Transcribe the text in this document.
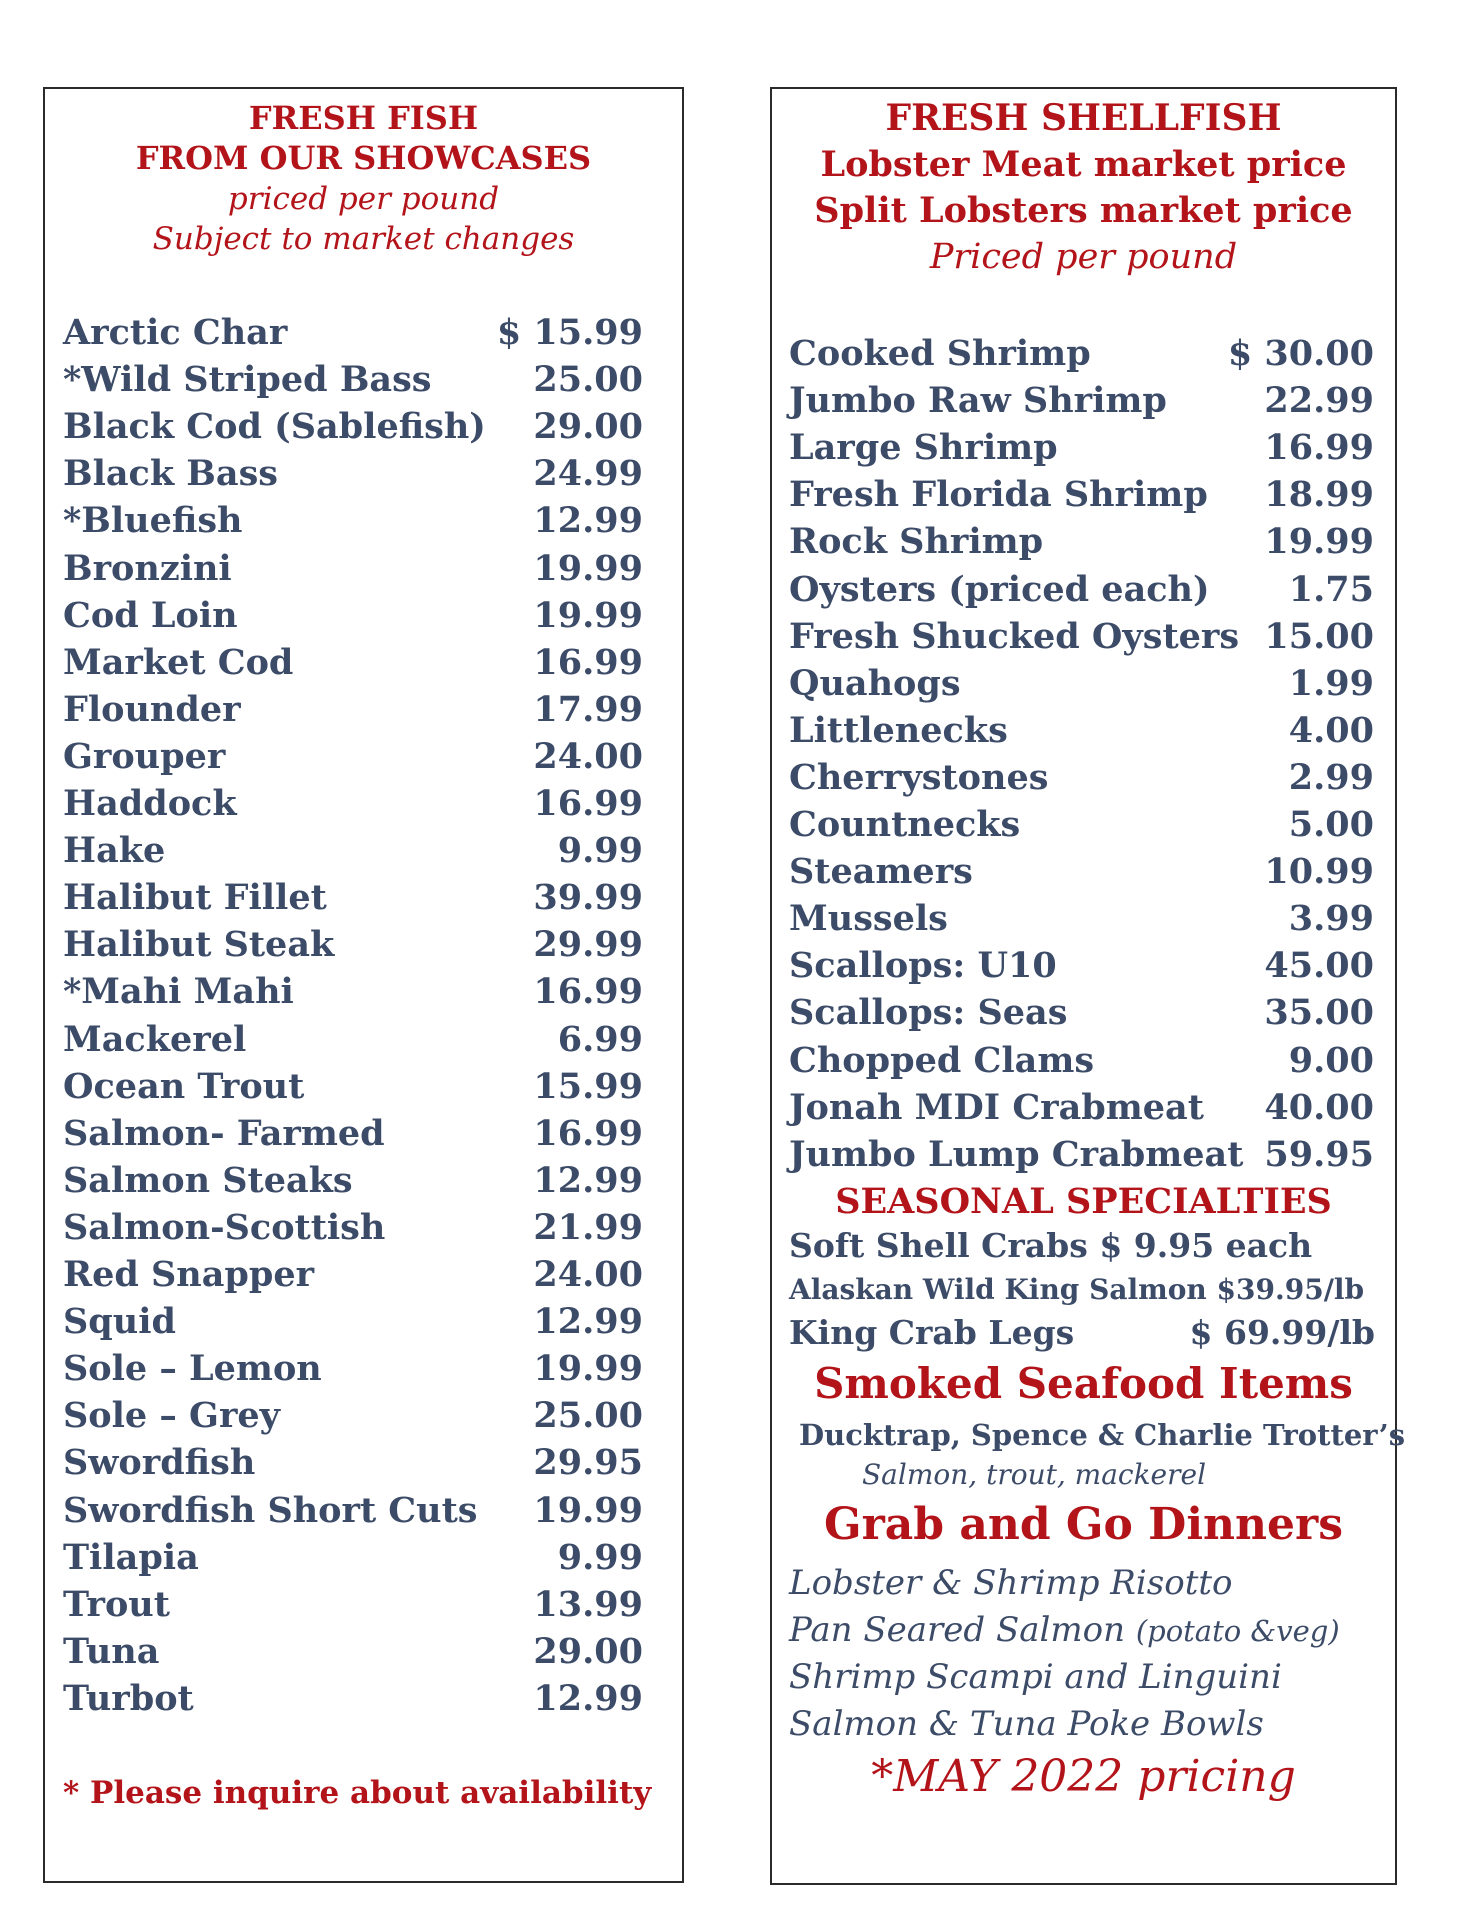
FRESH FISH
FROM OUR SHOWCASES
priced per pound
Subject to market changes
Arctic Char	$ 15.99
*Wild Striped Bass	25.00
Black Cod (Sablefish) 29.00
Black Bass	24.99
*Bluefish	12.99
Bronzini	19.99
Cod Loin	19.99
Market Cod	16.99
Flounder	17.99
Grouper	24.00
Haddock	16.99
Hake	9.99
Halibut Fillet	39.99
Halibut Steak	29.99
*Mahi Mahi	16.99
Mackerel	6.99
Ocean Trout	15.99
Salmon- Farmed	16.99
Salmon Steaks	12.99
Salmon-Scottish	21.99
Red Snapper	24.00
Squid	12.99
Sole – Lemon	19.99
Sole – Grey	25.00
Swordfish	29.95
Swordfish Short Cuts 19.99
Tilapia	9.99
Trout	13.99
Tuna	29.00
Turbot	12.99
* Please inquire about availability
FRESH SHELLFISH
Lobster Meat market price
Split Lobsters market price
Priced per pound
Cooked Shrimp	$ 30.00
Jumbo Raw Shrimp	22.99
Large Shrimp	16.99
Fresh Florida Shrimp 18.99
Rock Shrimp	19.99
Oysters (priced each) 1.75
Fresh Shucked Oysters 15.00
Quahogs	1.99
Littlenecks	4.00
Cherrystones	2.99
Countnecks	5.00
Steamers	10.99
Mussels	3.99
Scallops: U10	45.00
Scallops: Seas	35.00
Chopped Clams	9.00
Jonah MDI Crabmeat 40.00
Jumbo Lump Crabmeat 59.95
SEASONAL SPECIALTIES
Soft Shell Crabs $ 9.95 each
Alaskan Wild King Salmon $39.95/lb
King Crab Legs	$ 69.99/lb
Smoked Seafood Items
Ducktrap, Spence & Charlie Trotter’s
Salmon, trout, mackerel
Grab and Go Dinners
Lobster & Shrimp Risotto
Pan Seared Salmon (potato &veg)
Shrimp Scampi and Linguini
Salmon & Tuna Poke Bowls
*MAY 2022 pricing
